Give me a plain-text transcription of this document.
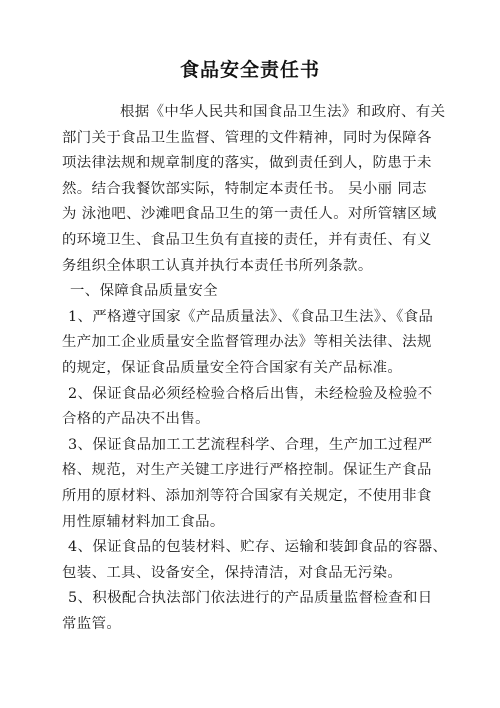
食品安全责任书

根据《中华人民共和国食品卫生法》和政府、有关

部门关于食品卫生监督、管理的文件精神，同时为保障各

项法律法规和规章制度的落实，做到责任到人，防患于未

然。结合我餐饮部实际，特制定本责任书。 吴小丽 同志

为 泳池吧、沙滩吧食品卫生的第一责任人。对所管辖区域

的环境卫生、食品卫生负有直接的责任，并有责任、有义

务组织全体职工认真并执行本责任书所列条款。

一、保障食品质量安全

1、严格遵守国家《产品质量法》、《食品卫生法》、《食品

生产加工企业质量安全监督管理办法》等相关法律、法规

的规定，保证食品质量安全符合国家有关产品标准。

2、保证食品必须经检验合格后出售，未经检验及检验不

合格的产品决不出售。

3、保证食品加工工艺流程科学、合理，生产加工过程严

格、规范，对生产关键工序进行严格控制。保证生产食品

所用的原材料、添加剂等符合国家有关规定，不使用非食

用性原辅材料加工食品。

4、保证食品的包装材料、贮存、运输和装卸食品的容器、

包装、工具、设备安全，保持清洁，对食品无污染。

5、积极配合执法部门依法进行的产品质量监督检查和日

常监管。
